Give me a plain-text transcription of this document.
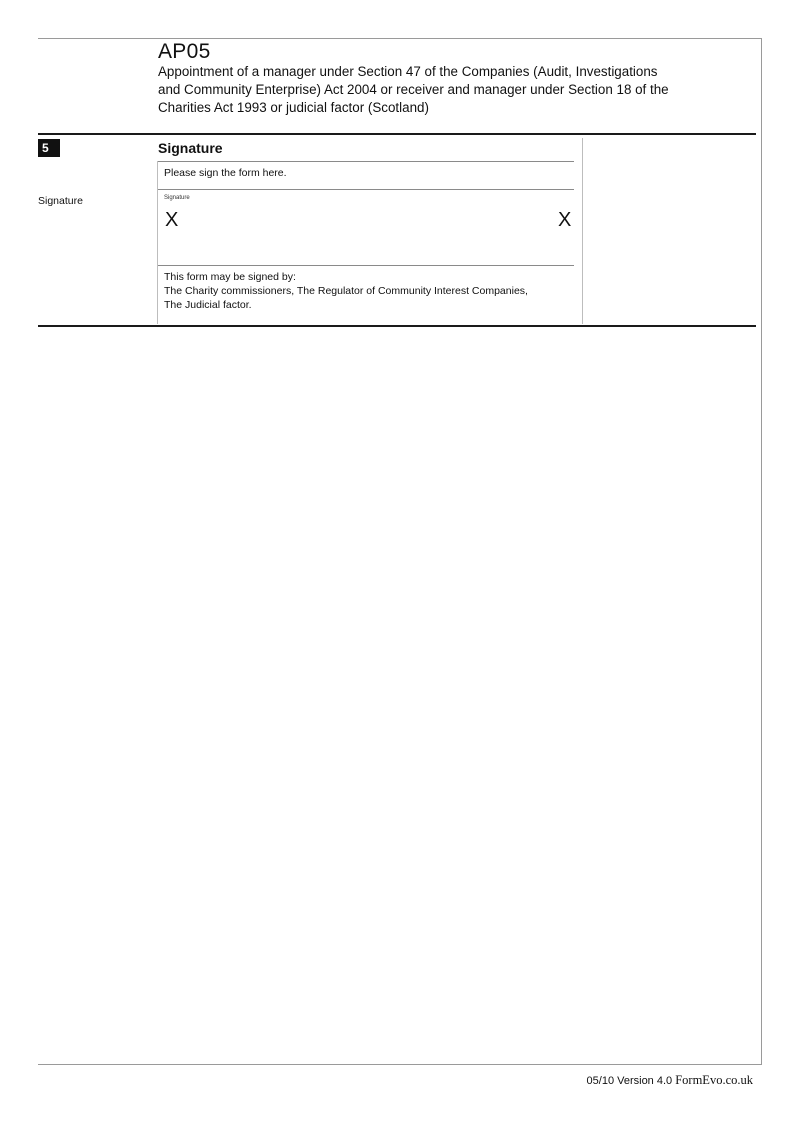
AP05
Appointment of a manager under Section 47 of the Companies (Audit, Investigations and Community Enterprise) Act 2004 or receiver and manager under Section 18 of the Charities Act 1993 or judicial factor (Scotland)
5	Signature
Please sign the form here.
Signature	Signature
X	X
This form may be signed by:
The Charity commissioners, The Regulator of Community Interest Companies,
The Judicial factor.
05/10 Version 4.0 FormEvo.co.uk
